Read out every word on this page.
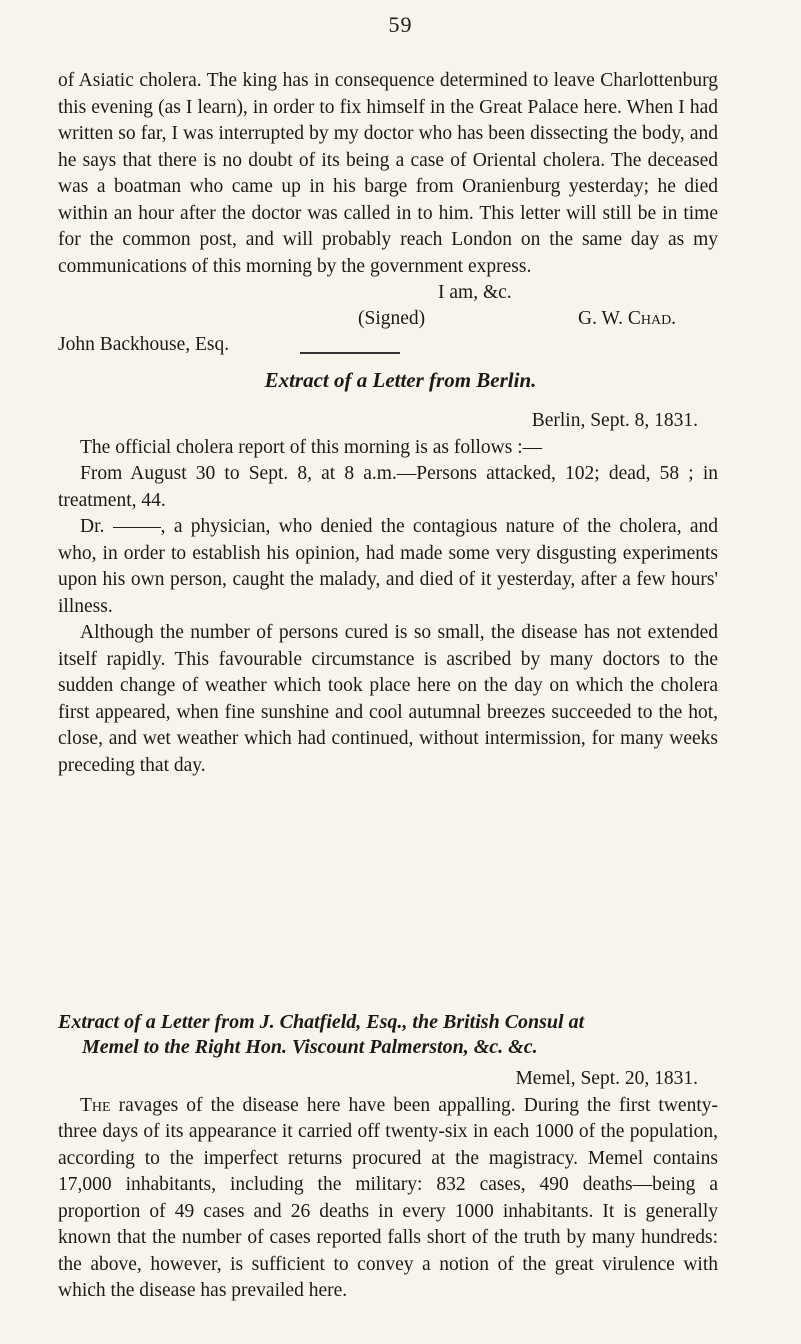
59

of Asiatic cholera. The king has in consequence determined to leave Charlottenburg this evening (as I learn), in order to fix himself in the Great Palace here. When I had written so far, I was interrupted by my doctor who has been dissecting the body, and he says that there is no doubt of its being a case of Oriental cholera. The deceased was a boatman who came up in his barge from Oranienburg yesterday; he died within an hour after the doctor was called in to him. This letter will still be in time for the common post, and will probably reach London on the same day as my communications of this morning by the government express.

I am, &c.
(Signed)	G. W. Chad.

John Backhouse, Esq.

Extract of a Letter from Berlin.

Berlin, Sept. 8, 1831.

The official cholera report of this morning is as follows :—

From August 30 to Sept. 8, at 8 a.m.—Persons attacked, 102; dead, 58 ; in treatment, 44.

Dr.	, a physician, who denied the contagious nature of the cholera, and who, in order to establish his opinion, had made some very disgusting experiments upon his own person, caught the malady, and died of it yesterday, after a few hours' illness.

Although the number of persons cured is so small, the disease has not extended itself rapidly. This favourable circumstance is ascribed by many doctors to the sudden change of weather which took place here on the day on which the cholera first appeared, when fine sunshine and cool autumnal breezes succeeded to the hot, close, and wet weather which had continued, without intermission, for many weeks preceding that day.

Extract of a Letter from J. Chatfield, Esq., the British Consul at

Memel to the Right Hon. Viscount Palmerston, &c. &c.

Memel, Sept. 20, 1831.

The ravages of the disease here have been appalling. During the first twenty-three days of its appearance it carried off twenty-six in each 1000 of the population, according to the imperfect returns procured at the magistracy. Memel contains 17,000 inhabitants, including the military: 832 cases, 490 deaths—being a proportion of 49 cases and 26 deaths in every 1000 inhabitants. It is generally known that the number of cases reported falls short of the truth by many hundreds: the above, however, is sufficient to convey a notion of the great virulence with which the disease has prevailed here.
